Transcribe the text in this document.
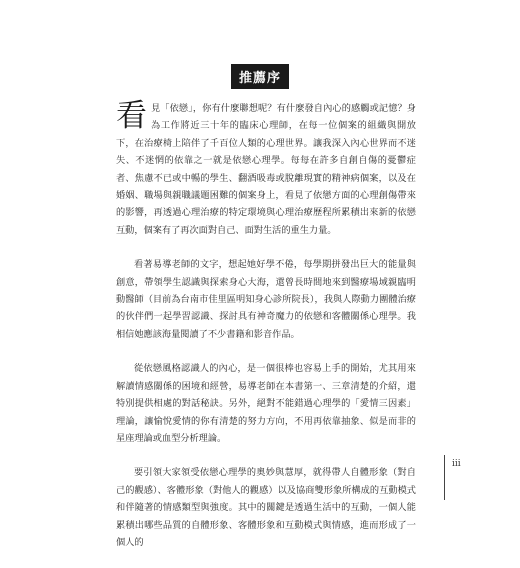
推薦序

看見「依戀」，你有什麼聯想呢？有什麼發自內心的感觸或記憶？身為工作將近三十年的臨床心理師，在每一位個案的組織與開放下，在治療椅上陪伴了千百位人類的心理世界。讓我深入內心世界而不迷失、不迷惘的依靠之一就是依戀心理學。每每在許多自創自傷的憂鬱症者、焦慮不已或中暢的學生、翻酒吸毒或脫離現實的精神病個案，以及在婚姻、職場與親職議題困難的個案身上，看見了依戀方面的心理創傷帶來的影響，再透過心理治療的特定環境與心理治療歷程所累積出來新的依戀互動，個案有了再次面對自己、面對生活的重生力量。

看著易導老師的文字，想起她好學不倦，每學期拼發出巨大的能量與創意，帶領學生認識與探索身心大海，還曾長時間地來到醫療場域親臨明動醫師（目前為台南市佳里區明知身心診所院長），我與人際動力團體治療的伙伴們一起學習認識、探討具有神奇魔力的依戀和客體關係心理學。我相信她應該海量閱讀了不少書籍和影音作品。

從依戀風格認識人的內心，是一個很棒也容易上手的開始，尤其用來解讀情感關係的困境和經營，易導老師在本書第一、三章清楚的介紹，還特別提供相處的對話秘訣。另外，絕對不能錯過心理學的「愛情三因素」理論，讓愉悅愛情的你有清楚的努力方向，不用再依靠抽象、似是而非的星座理論或血型分析理論。

要引領大家領受依戀心理學的奧妙與慧厚，就得帶人自體形象（對自己的觀感）、客體形象（對他人的觀感）以及協商雙形象所構成的互動模式和伴隨著的情感類型與強度。其中的關鍵是透過生活中的互動，一個人能累積出哪些品質的自體形象、客體形象和互動模式與情感，進而形成了一個人的

iii
